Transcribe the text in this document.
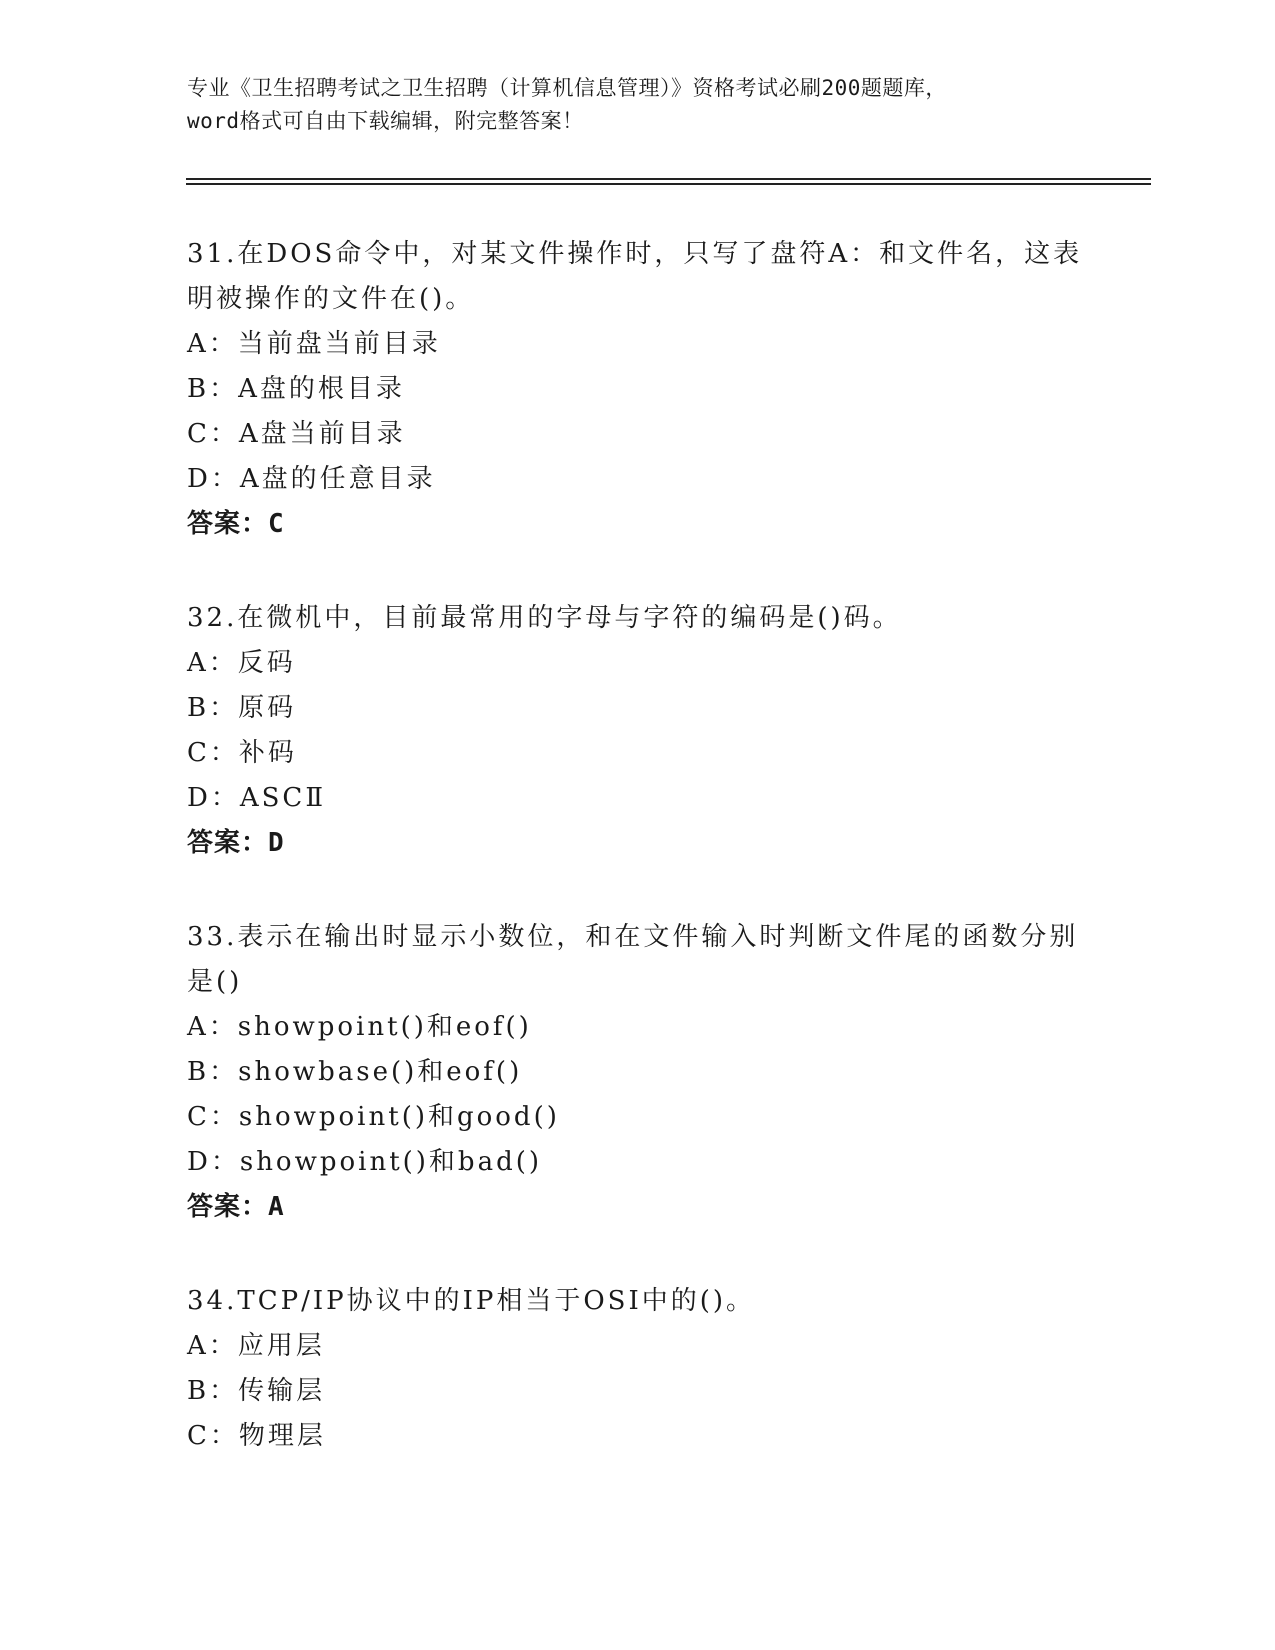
专业《卫生招聘考试之卫生招聘（计算机信息管理）》资格考试必刷200题题库，
word格式可自由下载编辑，附完整答案！
31.在DOS命令中，对某文件操作时，只写了盘符A：和文件名，这表
明被操作的文件在()。
A：当前盘当前目录
B：A盘的根目录
C：A盘当前目录
D：A盘的任意目录
答案：C
32.在微机中，目前最常用的字母与字符的编码是()码。
A：反码
B：原码
C：补码
D：ASCⅡ
答案：D
33.表示在输出时显示小数位，和在文件输入时判断文件尾的函数分别
是()
A：showpoint()和eof()
B：showbase()和eof()
C：showpoint()和good()
D：showpoint()和bad()
答案：A
34.TCP/IP协议中的IP相当于OSI中的()。
A：应用层
B：传输层
C：物理层
